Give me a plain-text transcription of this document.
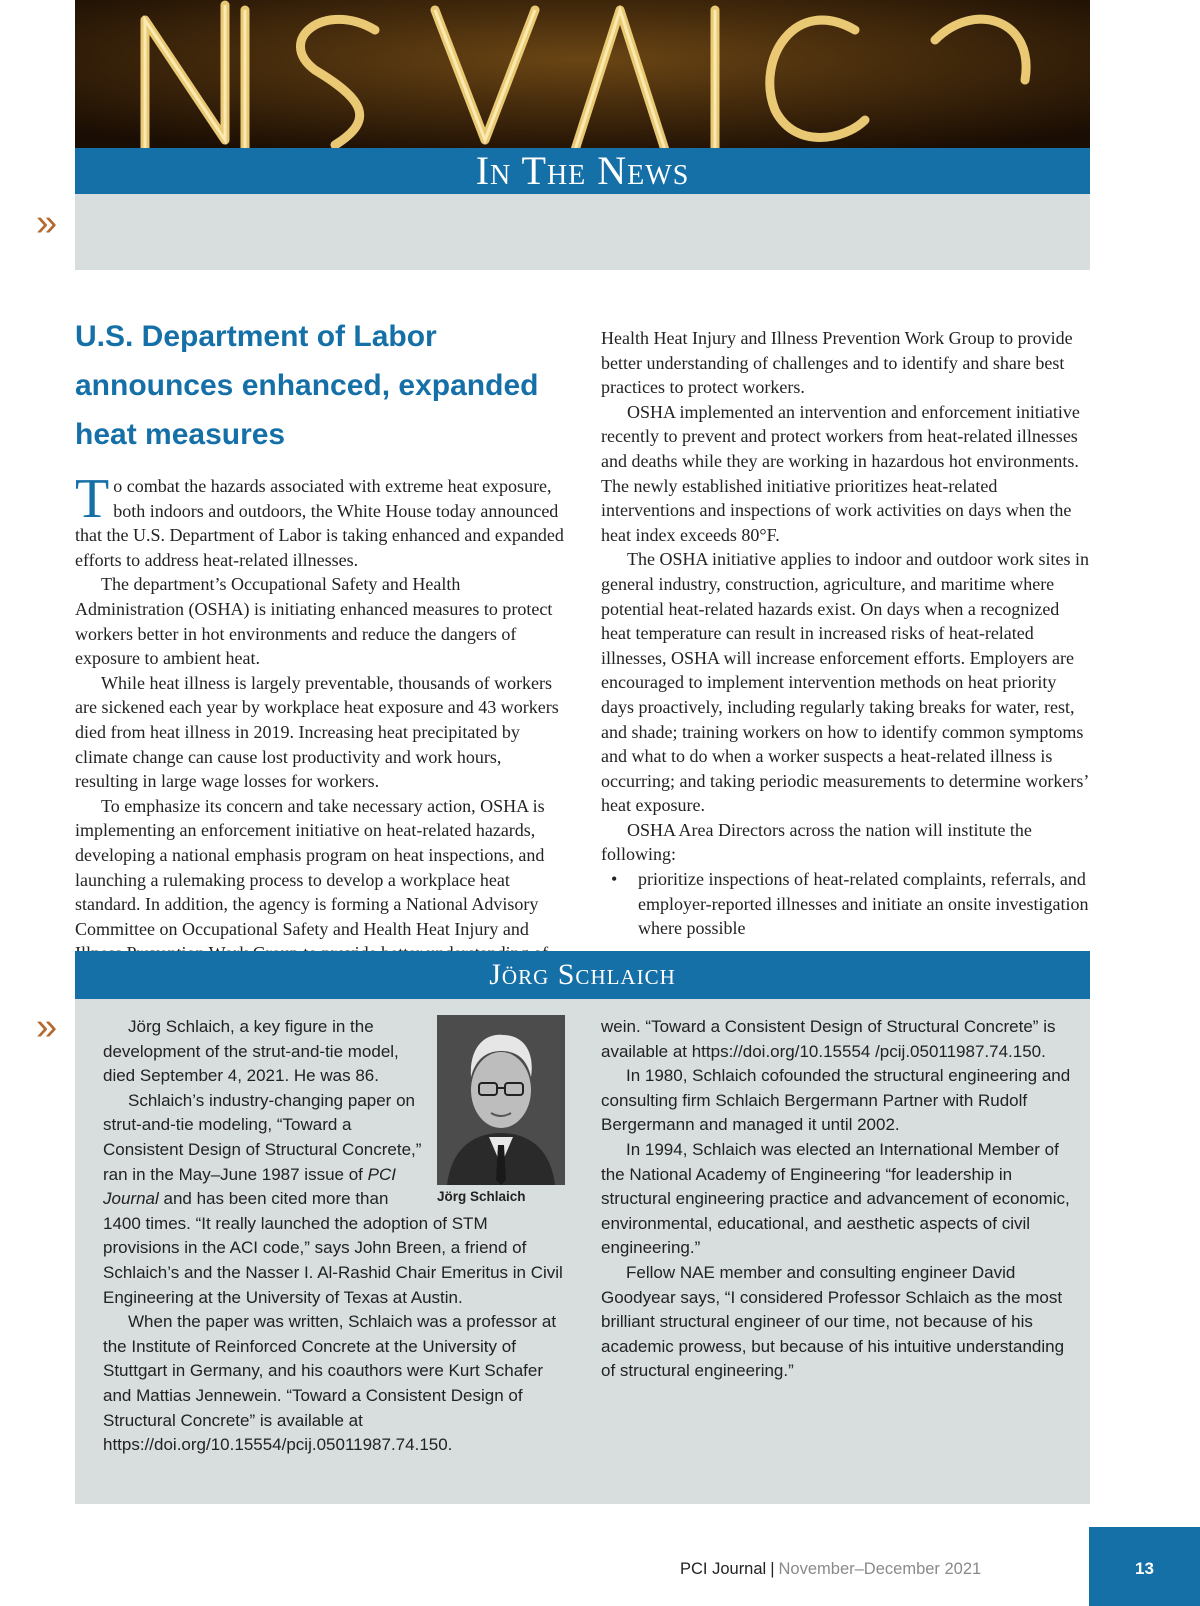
In The News
»
U.S. Department of Labor announces enhanced, expanded heat measures

To combat the hazards associated with extreme heat exposure, both indoors and outdoors, the White House today announced that the U.S. Department of Labor is taking enhanced and expanded efforts to address heat-related illnesses.

The department’s Occupational Safety and Health Administration (OSHA) is initiating enhanced measures to protect workers better in hot environments and reduce the dangers of exposure to ambient heat.

While heat illness is largely preventable, thousands of workers are sickened each year by workplace heat exposure and 43 workers died from heat illness in 2019. Increasing heat precipitated by climate change can cause lost productivity and work hours, resulting in large wage losses for workers.

To emphasize its concern and take necessary action, OSHA is implementing an enforcement initiative on heat-related hazards, developing a national emphasis program on heat inspections, and launching a rulemaking process to develop a workplace heat standard. In addition, the agency is forming a National Advisory Committee on Occupational Safety and Health Heat Injury and

Health Heat Injury and Illness Prevention Work Group to provide better understanding of challenges and to identify and share best practices to protect workers.

OSHA implemented an intervention and enforcement initiative recently to prevent and protect workers from heat-related illnesses and deaths while they are working in hazardous hot environments. The newly established initiative prioritizes heat-related interventions and inspections of work activities on days when the heat index exceeds 80°F.

The OSHA initiative applies to indoor and outdoor work sites in general industry, construction, agriculture, and maritime where potential heat-related hazards exist. On days when a recognized heat temperature can result in increased risks of heat-related illnesses, OSHA will increase enforcement efforts. Employers are encouraged to implement intervention methods on heat priority days proactively, including regularly taking breaks for water, rest, and shade; training workers on how to identify common symptoms and what to do when a worker suspects a heat-related illness is occurring; and taking periodic measurements to determine workers’ heat exposure.

OSHA Area Directors across the nation will institute the following:

• prioritize inspections of heat-related complaints, referrals, and employer-reported illnesses and initiate an onsite investigation where possible
Jörg Schlaich
»
Jörg Schlaich

Jörg Schlaich, a key figure in the development of the strut-and-tie model, died September 4, 2021. He was 86.

Schlaich’s industry-changing paper on strut-and-tie modeling, “Toward a Consistent Design of Structural Concrete,” ran in the May–June 1987 issue of PCI Journal and has been cited more than 1400 times. “It really launched the adoption of STM provisions in the ACI code,” says John Breen, a friend of Schlaich’s and the Nasser I. Al-Rashid Chair Emeritus in Civil Engineering at the University of Texas at Austin.

When the paper was written, Schlaich was a professor at the Institute of Reinforced Concrete at the University of Stuttgart in Germany, and his coauthors were Kurt Schafer and Mattias Jennewein. “Toward a Consistent Design of Structural Concrete” is available at https://doi.org/10.15554/pcij.05011987.74.150.

wein. “Toward a Consistent Design of Structural Concrete” is available at https://doi.org/10.15554 /pcij.05011987.74.150.

In 1980, Schlaich cofounded the structural engineering and consulting firm Schlaich Bergermann Partner with Rudolf Bergermann and managed it until 2002.

In 1994, Schlaich was elected an International Member of the National Academy of Engineering “for leadership in structural engineering practice and advancement of economic, environmental, educational, and aesthetic aspects of civil engineering.”

Fellow NAE member and consulting engineer David Goodyear says, “I considered Professor Schlaich as the most brilliant structural engineer of our time, not because of his academic prowess, but because of his intuitive understanding of structural engineering.”

PCI Journal | November–December 2021	13
